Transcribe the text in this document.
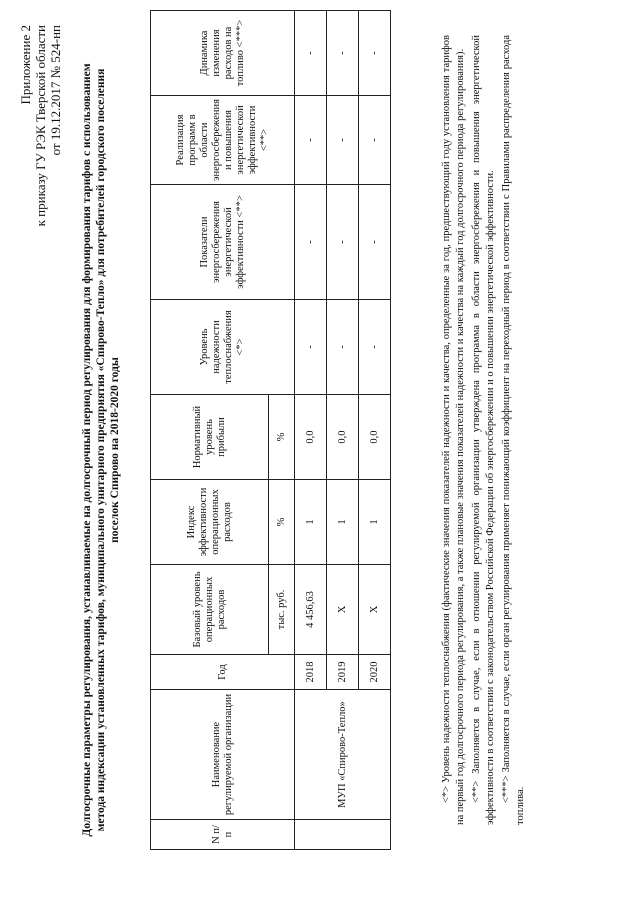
Приложение 2 к приказу ГУ РЭК Тверской области от 19.12.2017 № 524-нп Долгосрочные параметры регулирования, устанавливаемые на долгосрочный период регулирования для формирования тарифов с использованием метода индексации установленных тарифов, муниципального унитарного предприятия «Спирово-Тепло» для потребителей городского поселения поселок Спирово на 2018-2020 годы
N п/п	Наименование регулируемой организации	Год	Базовый уровень операционных расходов	Индекс эффективности операционных расходов	Нормативный уровень прибыли	Уровень надежности теплоснабжения <*>	Показатели энергосбережения энергетической эффективности <**>	Реализация программ в области энергосбережения и повышения энергетической эффективности <**>	Динамика изменения расходов на топливо <***>
			тыс. руб.	%	%				
	МУП «Спирово-Тепло»	2018	4 456,63	1	0,0	-	-	-	-
		2019	Х	1	0,0	-	-	-	-
		2020	Х	1	0,0	-	-	-	-	<*> Уровень надежности теплоснабжения (фактические значения показателей надежности и качества, определенные за год, предшествующий году установления тарифов на первый год долгосрочного периода регулирования, а также плановые значения показателей надежности и качества на каждый год долгосрочного периода регулирования). <**> Заполняется в случае, если в отношении регулируемой организации утверждена программа в области энергосбережения и повышения энергетической эффективности в соответствии с законодательством Российской Федерации об энергосбережении и о повышении энергетической эффективности. <***> Заполняется в случае, если орган регулирования применяет понижающий коэффициент на переходный период в соответствии с Правилами распределения расхода топлива.
